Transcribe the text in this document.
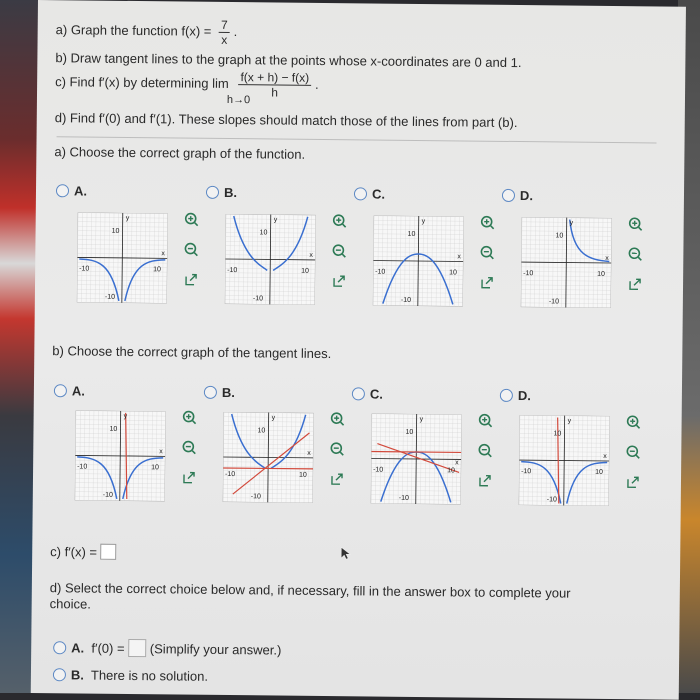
a) Graph the function $f(x) = \frac{7}{x}$ .
b) Draw tangent lines to the graph at the points whose x-coordinates are 0 and 1.
c) Find f′(x) by determining $\lim \frac{f(x + h) - f(x)}{h}$ .
h→0
d) Find f′(0) and f′(1). These slopes should match those of the lines from part (b).
a) Choose the correct graph of the function.
A.	B.	C.	D.
y
10
x
-10	10
-10
y
10
x
-10	10
-10
y
10
x
-10	10
-10
y
10
x
-10	10
-10
b) Choose the correct graph of the tangent lines.
A.	B.	C.	D.
y
10
x
-10	10
-10
y
10
x
-10	10
-10
y
10
x
-10	10
-10
y
10
x
-10	10
-10
c) f′(x) =
d) Select the correct choice below and, if necessary, fill in the answer box to complete your choice.
A. f′(0) = (Simplify your answer.)
B. There is no solution.
